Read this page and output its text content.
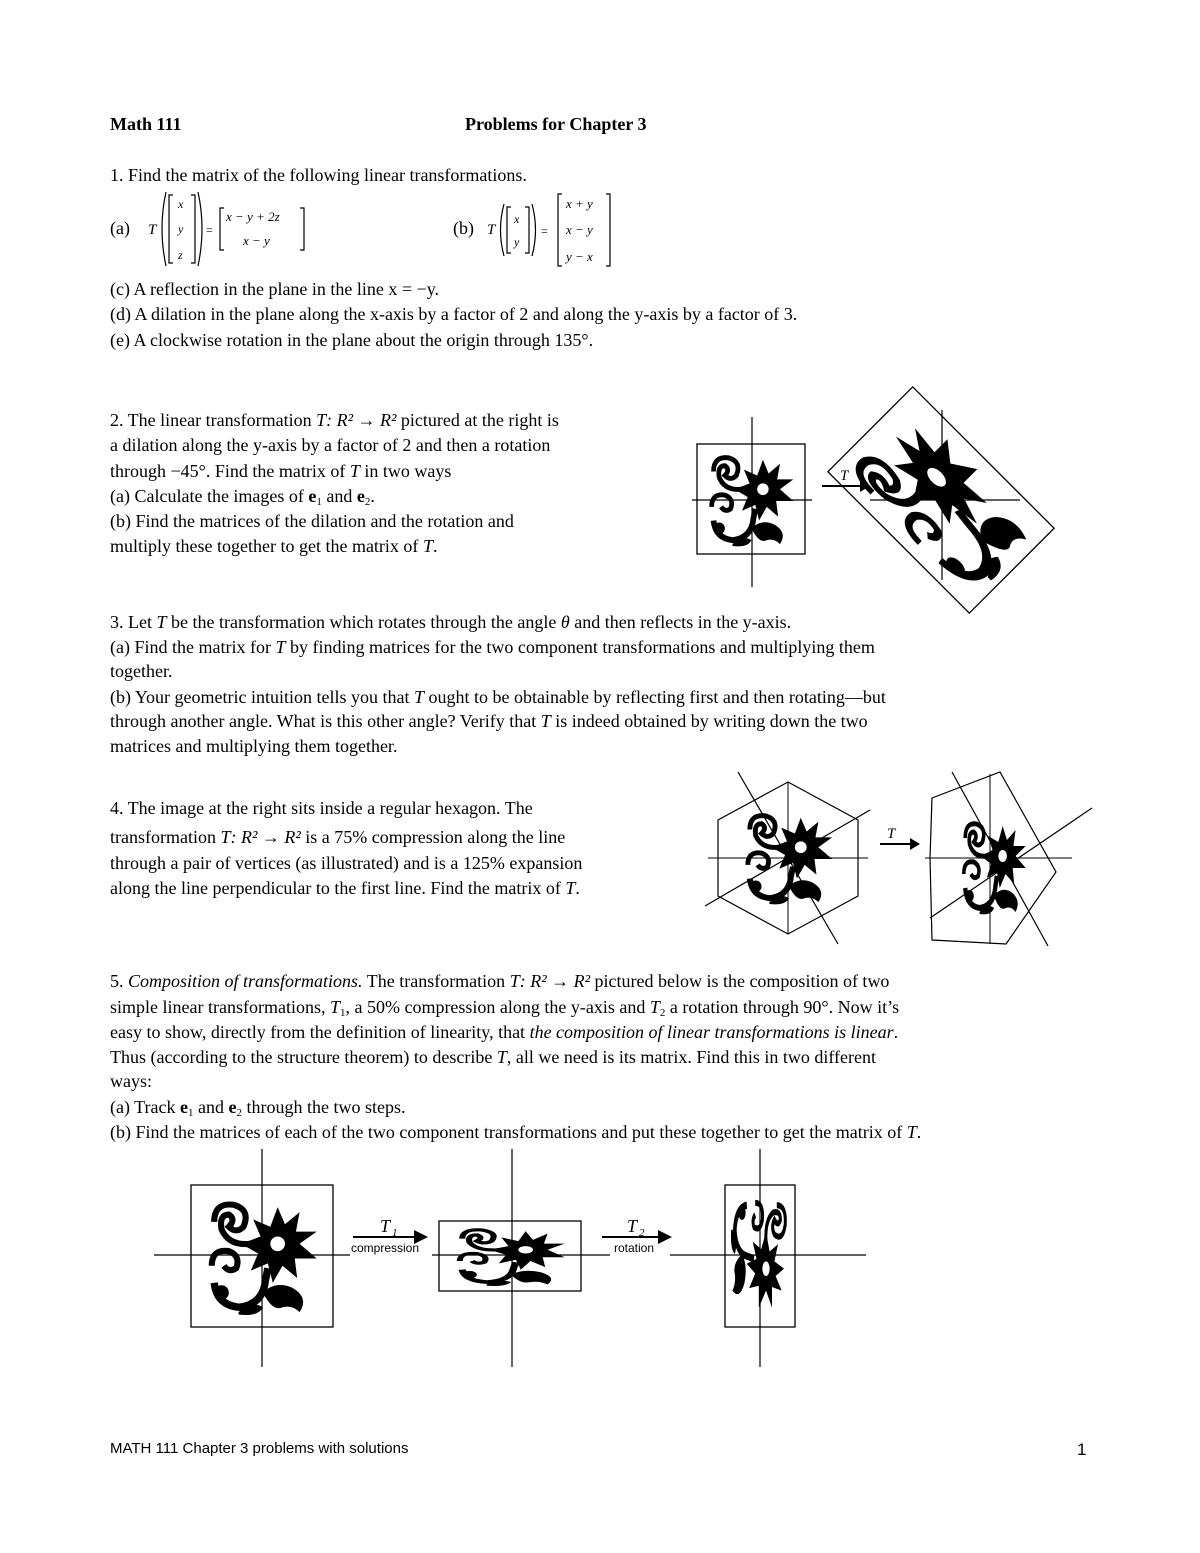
Math 111	Problems for Chapter 3
1. Find the matrix of the following linear transformations.
(a) T
x
y
z
=
x − y + 2z
x − y
(b) T
x
y
=
x + y
x − y
y − x
(c) A reflection in the plane in the line x = −y.
(d) A dilation in the plane along the x-axis by a factor of 2 and along the y-axis by a factor of 3.
(e) A clockwise rotation in the plane about the origin through 135°.
2. The linear transformation T: R² → R² pictured at the right is
a dilation along the y-axis by a factor of 2 and then a rotation
through −45°. Find the matrix of T in two ways
(a) Calculate the images of $e_1$ and $e_2$.
(b) Find the matrices of the dilation and the rotation and
multiply these together to get the matrix of T.
T
3. Let T be the transformation which rotates through the angle θ and then reflects in the y-axis.
(a) Find the matrix for T by finding matrices for the two component transformations and multiplying them
together.
(b) Your geometric intuition tells you that T ought to be obtainable by reflecting first and then rotating—but
through another angle. What is this other angle? Verify that T is indeed obtained by writing down the two
matrices and multiplying them together.
4. The image at the right sits inside a regular hexagon. The
transformation T: R² → R² is a 75% compression along the line
through a pair of vertices (as illustrated) and is a 125% expansion
along the line perpendicular to the first line. Find the matrix of T.
T
5. Composition of transformations. The transformation T: R² → R² pictured below is the composition of two
simple linear transformations, $T_1$, a 50% compression along the y-axis and $T_2$ a rotation through 90°. Now it’s
easy to show, directly from the definition of linearity, that the composition of linear transformations is linear.
Thus (according to the structure theorem) to describe T, all we need is its matrix. Find this in two different
ways:
(a) Track $e_1$ and $e_2$ through the two steps.
(b) Find the matrices of each of the two component transformations and put these together to get the matrix of T.
T 1
compression
T 2
rotation
MATH 111 Chapter 3 problems with solutions	1
